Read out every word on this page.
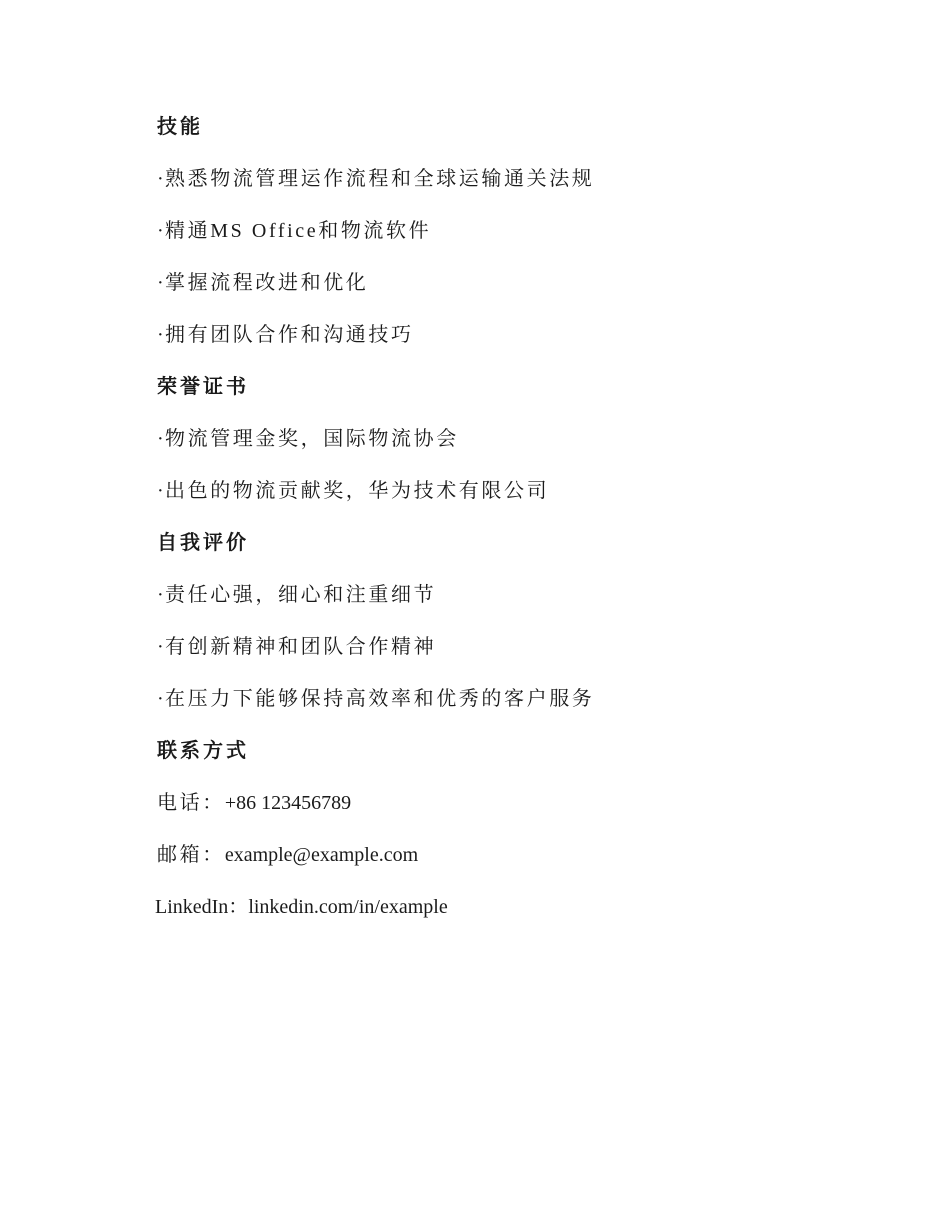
技能
·熟悉物流管理运作流程和全球运输通关法规
·精通MS Office和物流软件
·掌握流程改进和优化
·拥有团队合作和沟通技巧
荣誉证书
·物流管理金奖，国际物流协会
·出色的物流贡献奖，华为技术有限公司
自我评价
·责任心强，细心和注重细节
·有创新精神和团队合作精神
·在压力下能够保持高效率和优秀的客户服务
联系方式
电话：+86 123456789
邮箱：example@example.com
LinkedIn：linkedin.com/in/example
